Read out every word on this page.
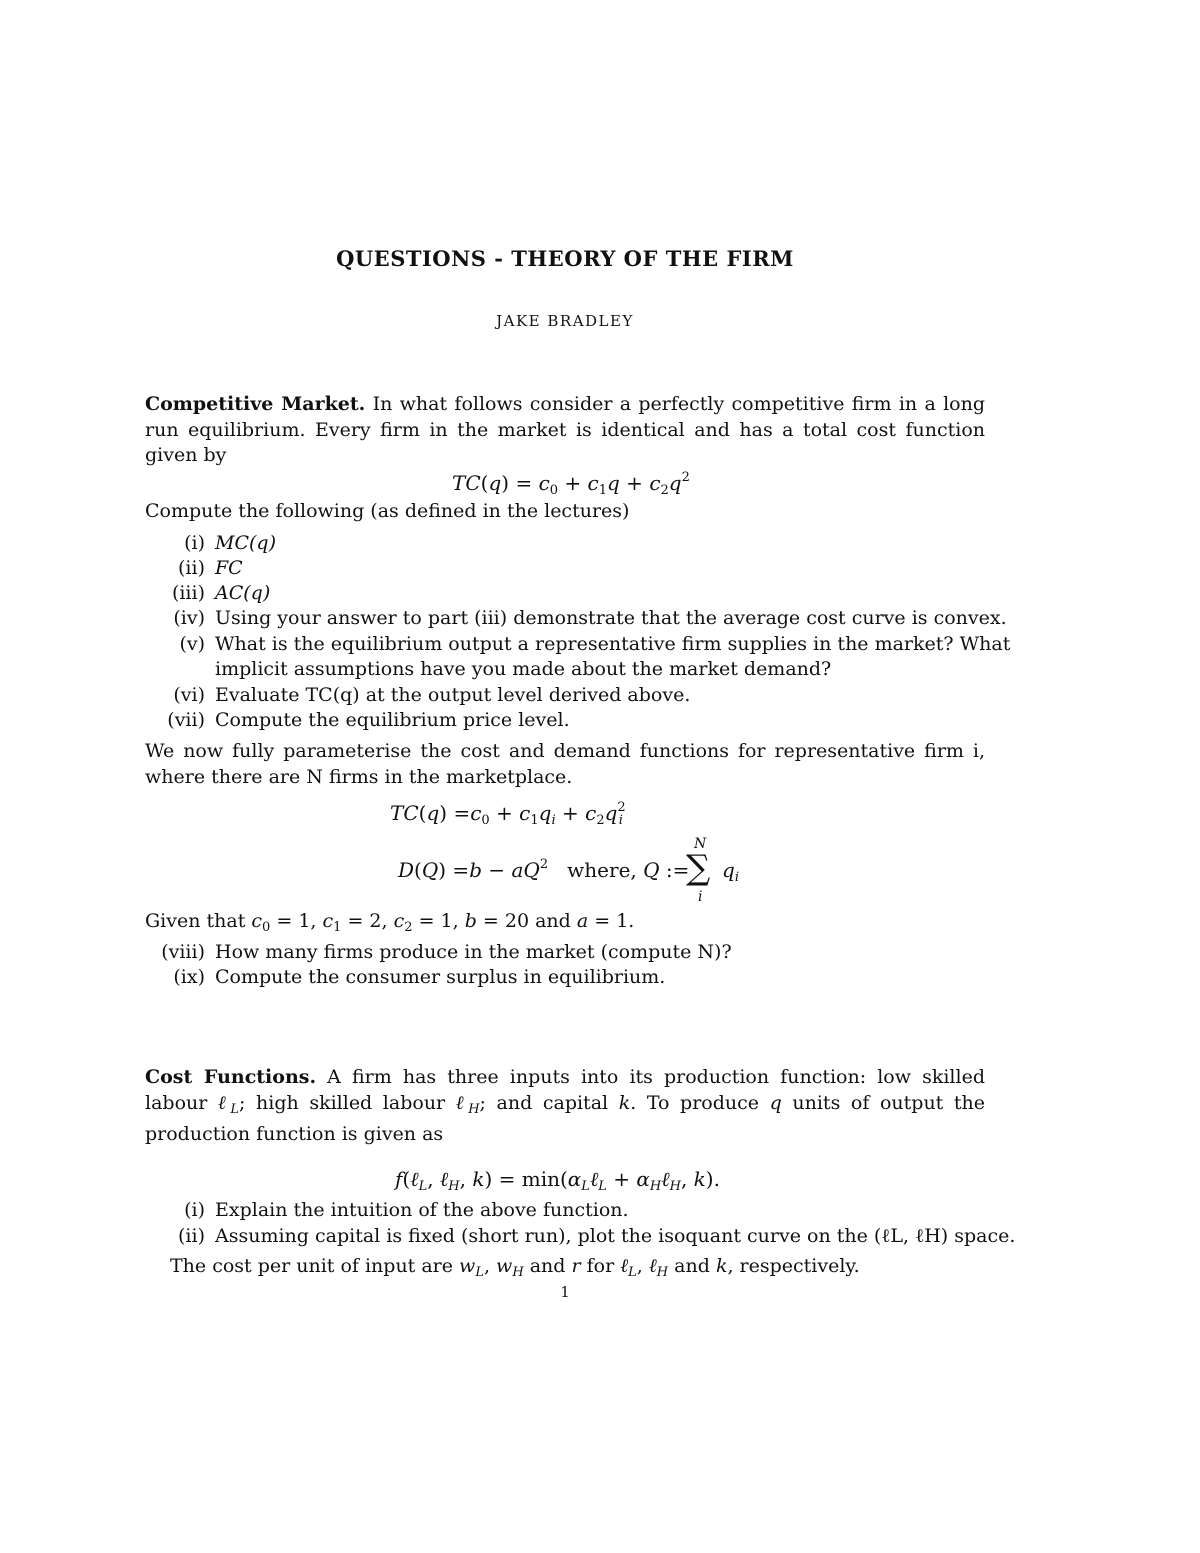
QUESTIONS - THEORY OF THE FIRM
JAKE BRADLEY

Competitive Market. In what follows consider a perfectly competitive firm in a long run equilibrium. Every firm in the market is identical and has a total cost function given by

$TC(q) = c_0 + c_1q + c_2q^2$
Compute the following (as defined in the lectures)
(i) MC(q)
(ii) FC
(iii) AC(q)
(iv) Using your answer to part (iii) demonstrate that the average cost curve is convex.
(v) What is the equilibrium output a representative firm supplies in the market? What
implicit assumptions have you made about the market demand?
(vi) Evaluate TC(q) at the output level derived above.
(vii) Compute the equilibrium price level.

We now fully parameterise the cost and demand functions for representative firm i, where there are N firms in the marketplace.

$TC(q) =c_0 + c_1q_i + c_2q^2_i$
$D(Q) =b - aQ^2$   where, Q :=
N
∑
i
$q_i$
Given that $c_0 = 1$, $c_1 = 2$, $c_2 = 1$, b = 20 and a = 1.
(viii) How many firms produce in the market (compute N)?
(ix) Compute the consumer surplus in equilibrium.

Cost Functions. A firm has three inputs into its production function: low skilled labour ℓ$_L$; high skilled labour ℓ$_H$; and capital k. To produce q units of output the production function is given as

f(ℓ$_L$, ℓ$_H$, $k) = \min(\alpha_L\ell_L$ + $\alpha_H\ell_H$, k).
(i) Explain the intuition of the above function.
(ii) Assuming capital is fixed (short run), plot the isoquant curve on the (ℓL, ℓH) space.
The cost per unit of input are $w_L$, $w_H$ and r for ℓ$_L$, ℓ$_H$ and k, respectively.
1
